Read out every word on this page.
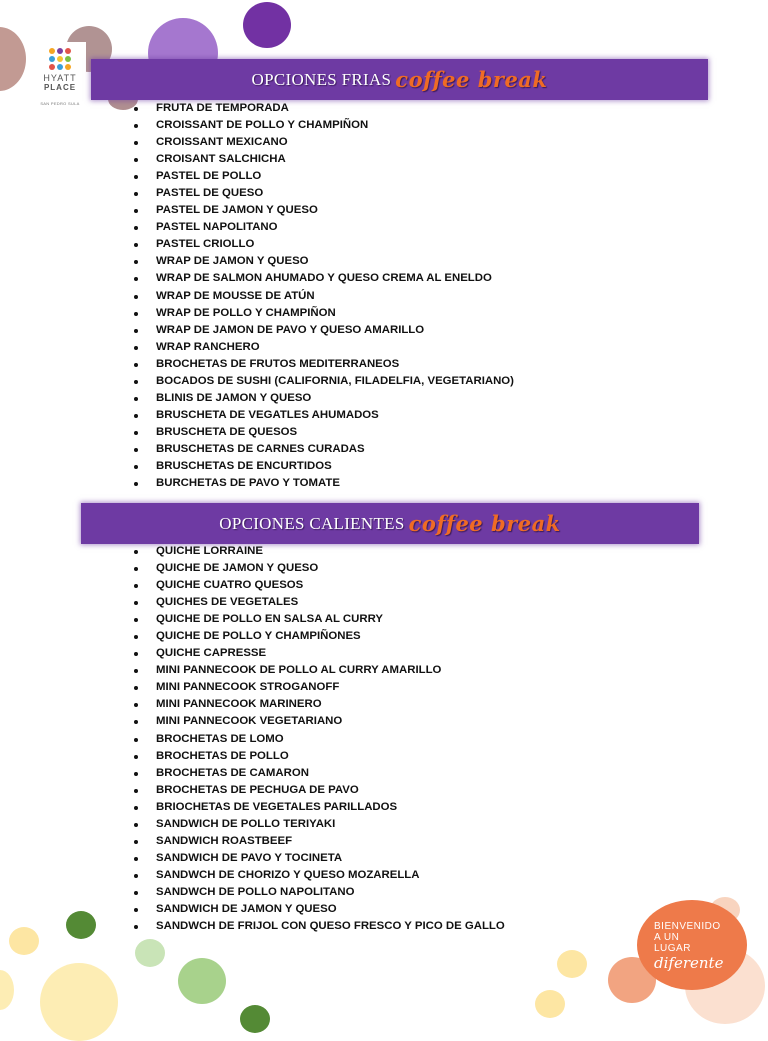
HYATT
PLACE
SAN PEDRO SULA
OPCIONES FRIAS coffee break
FRUTA DE TEMPORADA
CROISSANT DE POLLO Y CHAMPIÑON
CROISSANT MEXICANO
CROISANT SALCHICHA
PASTEL DE POLLO
PASTEL DE QUESO
PASTEL DE JAMON Y QUESO
PASTEL NAPOLITANO
PASTEL CRIOLLO
WRAP DE JAMON Y QUESO
WRAP DE SALMON AHUMADO Y QUESO CREMA AL ENELDO
WRAP DE MOUSSE DE ATÚN
WRAP DE POLLO Y CHAMPIÑON
WRAP DE JAMON DE PAVO Y QUESO AMARILLO
WRAP RANCHERO
BROCHETAS DE FRUTOS MEDITERRANEOS
BOCADOS DE SUSHI (CALIFORNIA, FILADELFIA, VEGETARIANO)
BLINIS DE JAMON Y QUESO
BRUSCHETA DE VEGATLES AHUMADOS
BRUSCHETA DE QUESOS
BRUSCHETAS DE CARNES CURADAS
BRUSCHETAS DE ENCURTIDOS
BURCHETAS DE PAVO Y TOMATE
OPCIONES CALIENTES coffee break
QUICHE LORRAINE
QUICHE DE JAMON Y QUESO
QUICHE CUATRO QUESOS
QUICHES DE VEGETALES
QUICHE DE POLLO EN SALSA AL CURRY
QUICHE DE POLLO Y CHAMPIÑONES
QUICHE CAPRESSE
MINI PANNECOOK DE POLLO AL CURRY AMARILLO
MINI PANNECOOK STROGANOFF
MINI PANNECOOK MARINERO
MINI PANNECOOK VEGETARIANO
BROCHETAS DE LOMO
BROCHETAS DE POLLO
BROCHETAS DE CAMARON
BROCHETAS DE PECHUGA DE PAVO
BRIOCHETAS DE VEGETALES PARILLADOS
SANDWICH DE POLLO TERIYAKI
SANDWICH ROASTBEEF
SANDWICH DE PAVO Y TOCINETA
SANDWCH DE CHORIZO Y QUESO MOZARELLA
SANDWCH DE POLLO NAPOLITANO
SANDWICH DE JAMON Y QUESO
SANDWCH DE FRIJOL CON QUESO FRESCO Y PICO DE GALLO	BIENVENIDO
A UN
LUGAR
diferente
